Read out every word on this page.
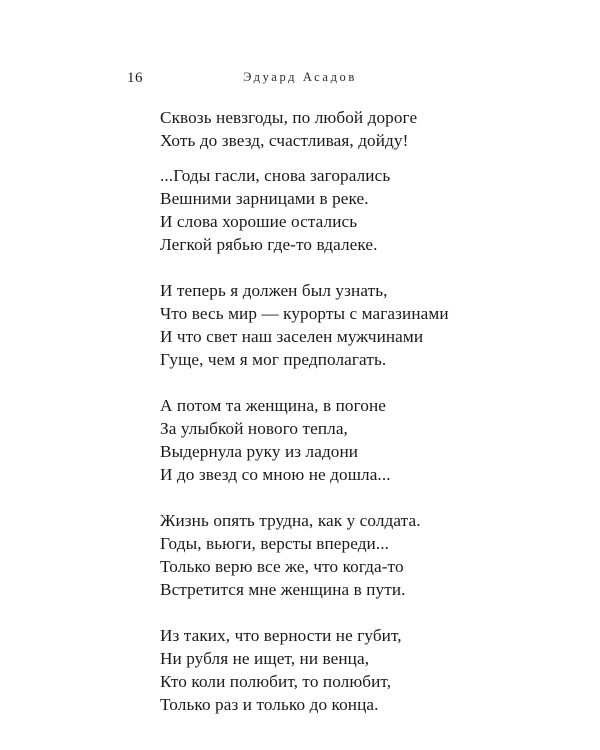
16	Эдуард Асадов
Сквозь невзгоды, по любой дороге
Хоть до звезд, счастливая, дойду!
...Годы гасли, снова загорались
Вешними зарницами в реке.
И слова хорошие остались
Легкой рябью где-то вдалеке.
И теперь я должен был узнать,
Что весь мир — курорты с магазинами
И что свет наш заселен мужчинами
Гуще, чем я мог предполагать.
А потом та женщина, в погоне
За улыбкой нового тепла,
Выдернула руку из ладони
И до звезд со мною не дошла...
Жизнь опять трудна, как у солдата.
Годы, вьюги, версты впереди...
Только верю все же, что когда-то
Встретится мне женщина в пути.
Из таких, что верности не губит,
Ни рубля не ищет, ни венца,
Кто коли полюбит, то полюбит,
Только раз и только до конца.
